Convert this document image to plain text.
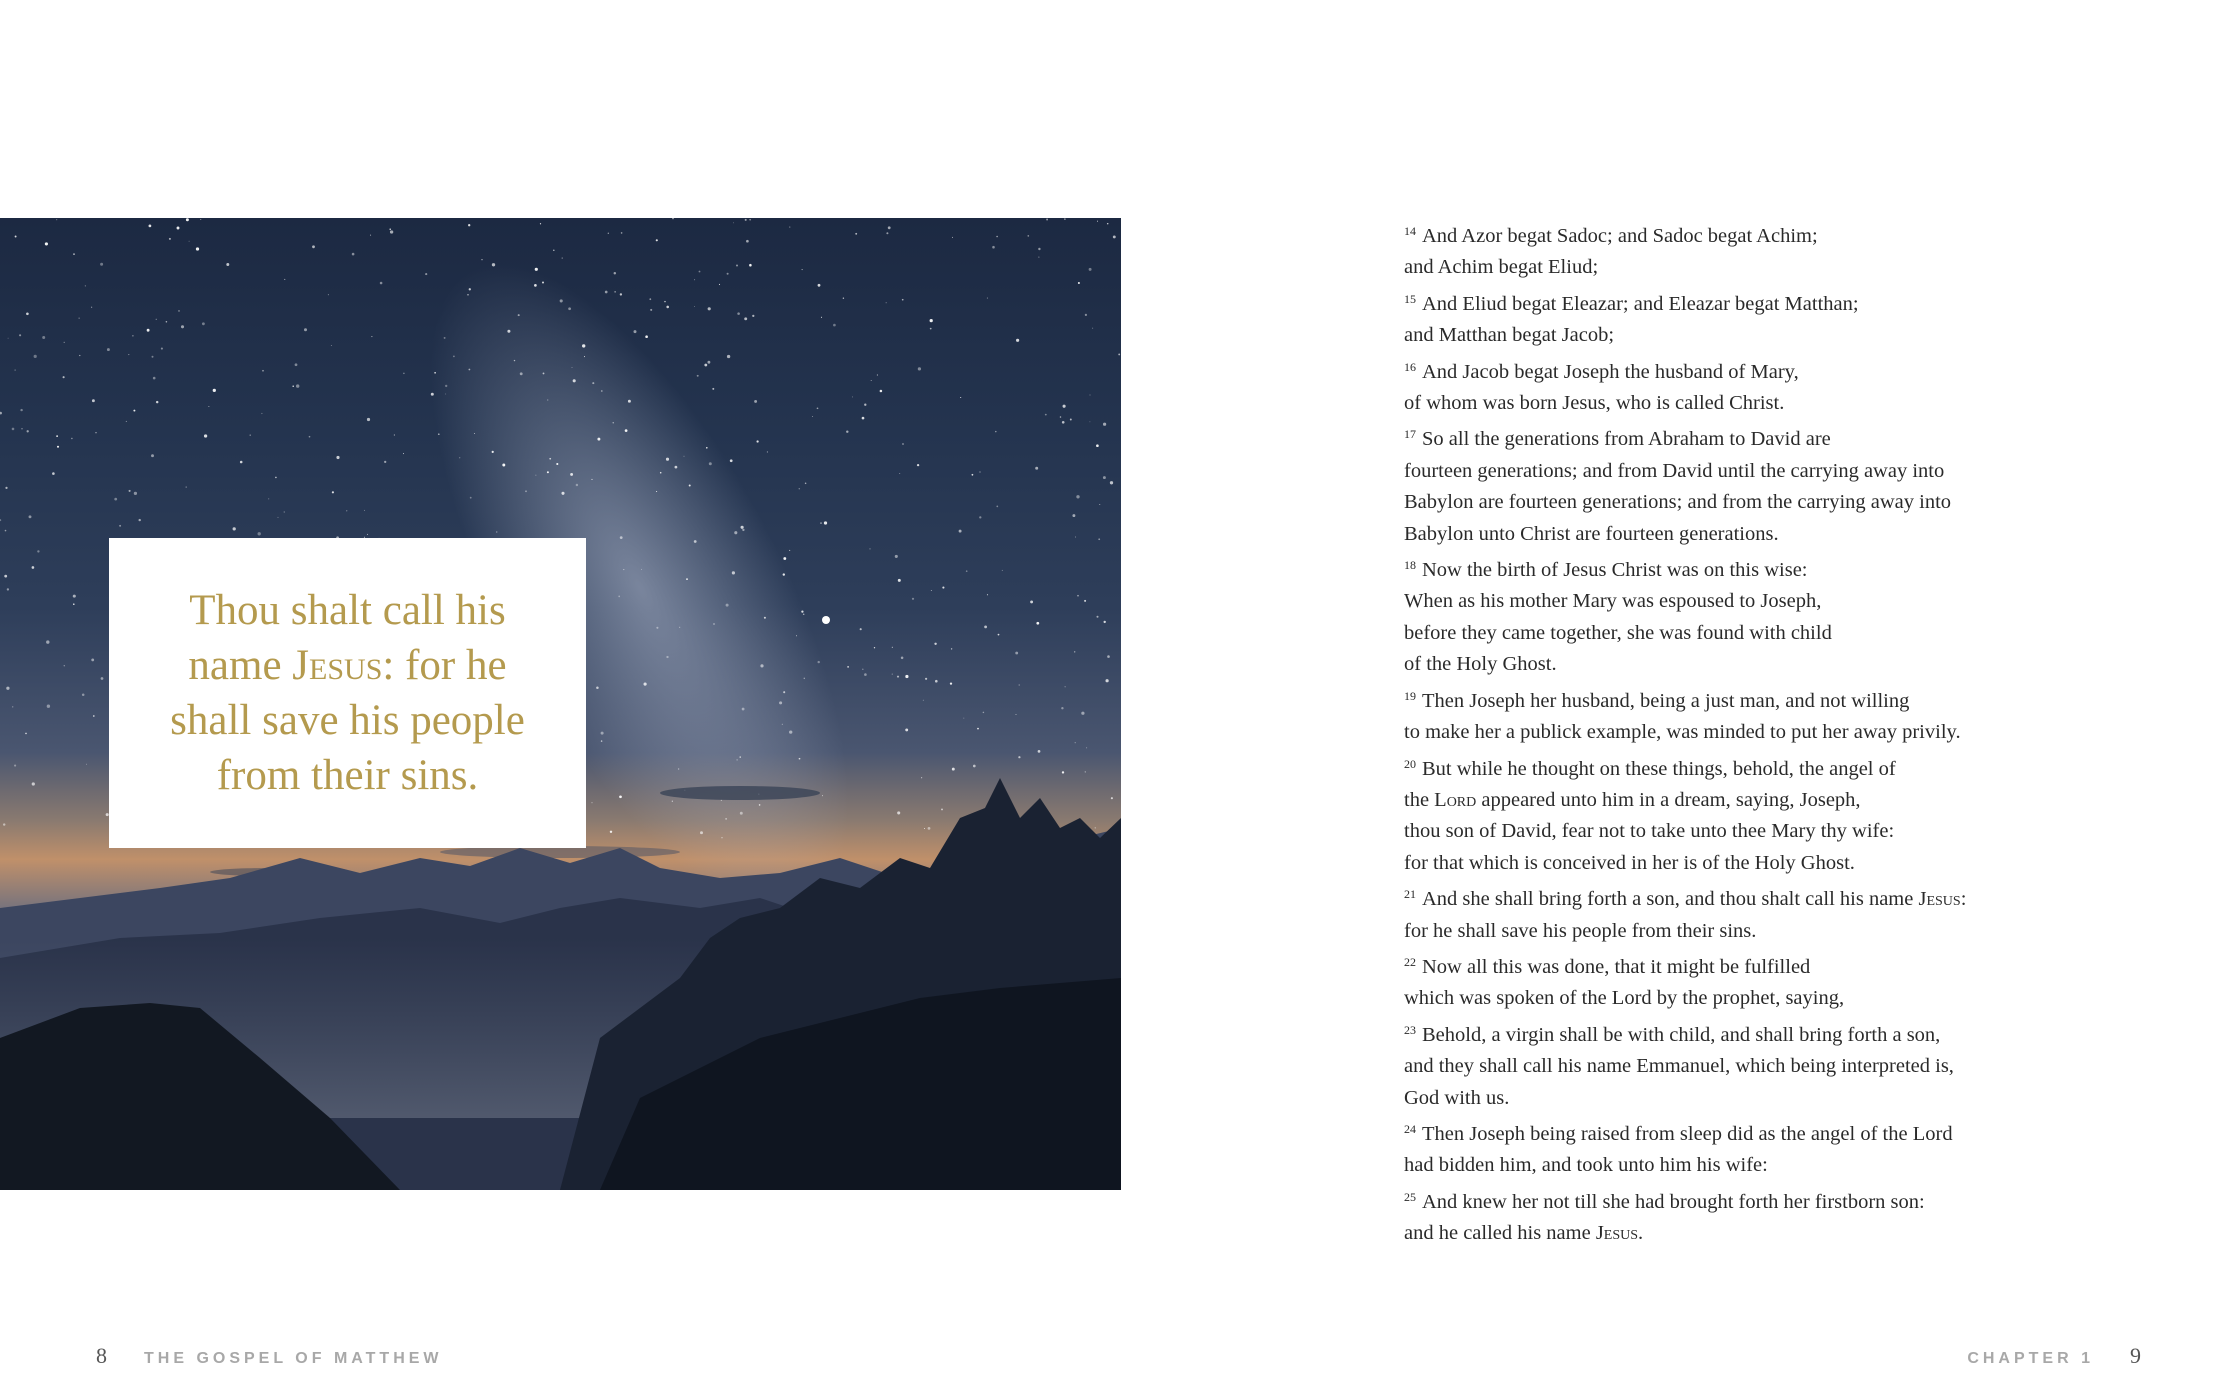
Thou shalt call his
name Jesus: for he
shall save his people
from their sins.

$^{14}$ And Azor begat Sadoc; and Sadoc begat Achim;
and Achim begat Eliud;
$^{15}$ And Eliud begat Eleazar; and Eleazar begat Matthan;
and Matthan begat Jacob;
$^{16}$ And Jacob begat Joseph the husband of Mary,
of whom was born Jesus, who is called Christ.
$^{17}$ So all the generations from Abraham to David are
fourteen generations; and from David until the carrying away into
Babylon are fourteen generations; and from the carrying away into
Babylon unto Christ are fourteen generations.
$^{18}$ Now the birth of Jesus Christ was on this wise:
When as his mother Mary was espoused to Joseph,
before they came together, she was found with child
of the Holy Ghost.
$^{19}$ Then Joseph her husband, being a just man, and not willing
to make her a publick example, was minded to put her away privily.
$^{20}$ But while he thought on these things, behold, the angel of
the Lord appeared unto him in a dream, saying, Joseph,
thou son of David, fear not to take unto thee Mary thy wife:
for that which is conceived in her is of the Holy Ghost.
$^{21}$ And she shall bring forth a son, and thou shalt call his name Jesus:
for he shall save his people from their sins.
$^{22}$ Now all this was done, that it might be fulfilled
which was spoken of the Lord by the prophet, saying,
$^{23}$ Behold, a virgin shall be with child, and shall bring forth a son,
and they shall call his name Emmanuel, which being interpreted is,
God with us.
$^{24}$ Then Joseph being raised from sleep did as the angel of the Lord
had bidden him, and took unto him his wife:
$^{25}$ And knew her not till she had brought forth her firstborn son:
and he called his name Jesus.
8 THE GOSPEL OF MATTHEW	CHAPTER 1 9
